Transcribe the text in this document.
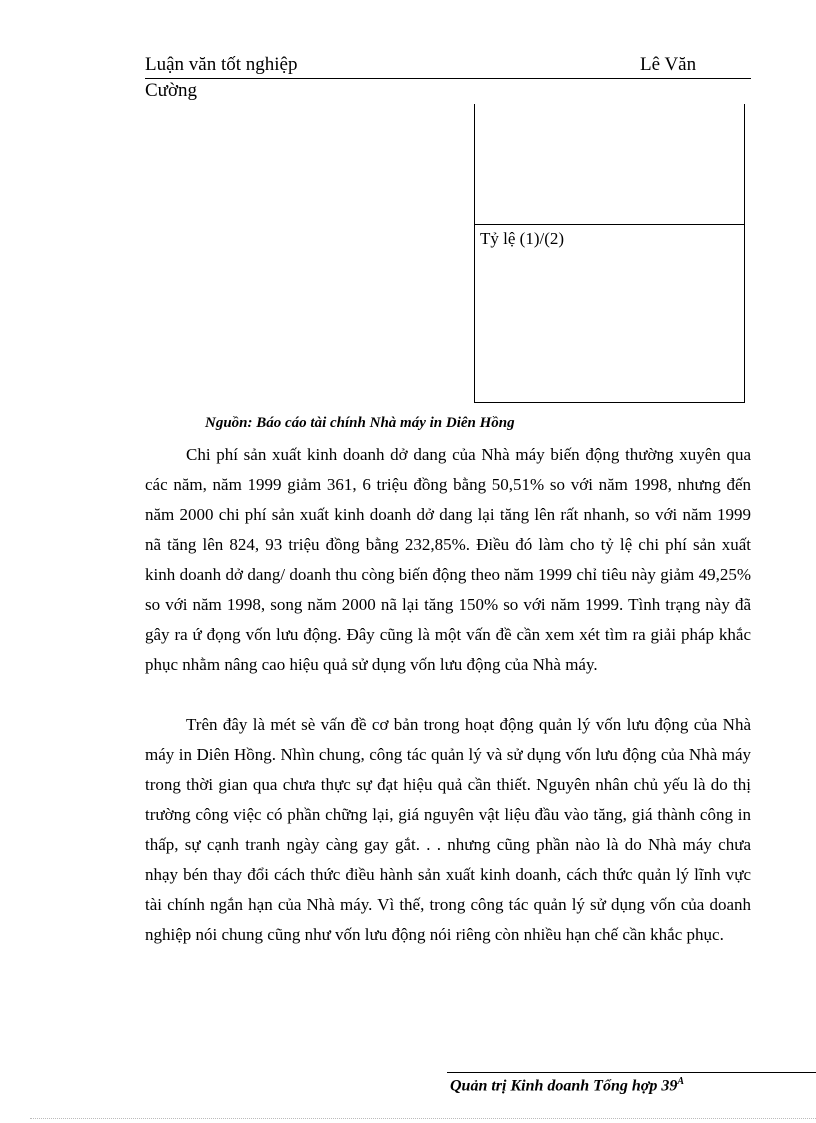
Luận văn tốt nghiệp	Lê Văn
Cường
Tỷ lệ (1)/(2)
Nguồn: Báo cáo tài chính Nhà máy in Diên Hồng

Chi phí sản xuất kinh doanh dở dang của Nhà máy biến động thường xuyên qua các năm, năm 1999 giảm 361, 6 triệu đồng bằng 50,51% so với năm 1998, nhưng đến năm 2000 chi phí sản xuất kinh doanh dở dang lại tăng lên rất nhanh, so với năm 1999 nã tăng lên 824, 93 triệu đồng bằng 232,85%. Điều đó làm cho tỷ lệ chi phí sản xuất kinh doanh dở dang/ doanh thu còng biến động theo năm 1999 chỉ tiêu này giảm 49,25% so với năm 1998, song năm 2000 nã lại tăng 150% so với năm 1999. Tình trạng này đã gây ra ứ đọng vốn lưu động. Đây cũng là một vấn đề cần xem xét tìm ra giải pháp khắc phục nhằm nâng cao hiệu quả sử dụng vốn lưu động của Nhà máy.

Trên đây là mét sè vấn đề cơ bản trong hoạt động quản lý vốn lưu động của Nhà máy in Diên Hồng. Nhìn chung, công tác quản lý và sử dụng vốn lưu động của Nhà máy trong thời gian qua chưa thực sự đạt hiệu quả cần thiết. Nguyên nhân chủ yếu là do thị trường công việc có phần chững lại, giá nguyên vật liệu đầu vào tăng, giá thành công in thấp, sự cạnh tranh ngày càng gay gắt. . . nhưng cũng phần nào là do Nhà máy chưa nhạy bén thay đổi cách thức điều hành sản xuất kinh doanh, cách thức quản lý lĩnh vực tài chính ngắn hạn của Nhà máy. Vì thế, trong công tác quản lý sử dụng vốn của doanh nghiệp nói chung cũng như vốn lưu động nói riêng còn nhiều hạn chế cần khắc phục.

Quản trị Kinh doanh Tổng hợp $39^A$
